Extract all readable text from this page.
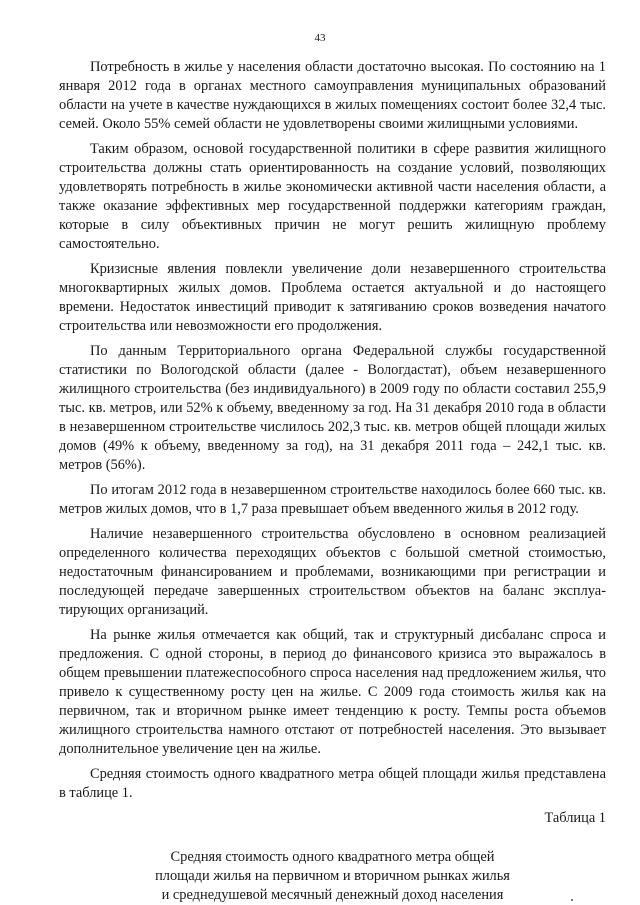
43

Потребность в жилье у населения области достаточно высокая. По состоянию на 1 января 2012 года в органах местного самоуправления муниципальных образований области на учете в качестве нуждающихся в жилых помещениях состоит более 32,4 тыс. семей. Около 55% семей области не удовлетворены своими жилищными условиями.

Таким образом, основой государственной политики в сфере развития жилищного строительства должны стать ориентированность на создание условий, позволяющих удовлетворять потребность в жилье экономически активной части населения области, а также оказание эффективных мер государственной поддержки категориям граждан, которые в силу объективных причин не могут решить жилищную проблему самостоятельно.

Кризисные явления повлекли увеличение доли незавершенного строительства многоквартирных жилых домов. Проблема остается актуальной и до настоящего времени. Недостаток инвестиций приводит к затягиванию сроков возведения начатого строительства или невозможности его продолжения.

По данным Территориального органа Федеральной службы государственной статистики по Вологодской области (далее - Вологдастат), объем незавершенного жилищного строительства (без индивидуального) в 2009 году по области составил 255,9 тыс. кв. метров, или 52% к объему, введенному за год. На 31 декабря 2010 года в области в незавершенном строительстве числилось 202,3 тыс. кв. метров общей площади жилых домов (49% к объему, введенному за год), на 31 декабря 2011 года – 242,1 тыс. кв. метров (56%).

По итогам 2012 года в незавершенном строительстве находилось более 660 тыс. кв. метров жилых домов, что в 1,7 раза превышает объем введенного жилья в 2012 году.

Наличие незавершенного строительства обусловлено в основном реализацией определенного количества переходящих объектов с большой сметной стоимостью, недостаточным финансированием и проблемами, возникающими при регистрации и последующей передаче завершенных строительством объектов на баланс эксплуатирующих организаций.

На рынке жилья отмечается как общий, так и структурный дисбаланс спроса и предложения. С одной стороны, в период до финансового кризиса это выражалось в общем превышении платежеспособного спроса населения над предложением жилья, что привело к существенному росту цен на жилье. С 2009 года стоимость жилья как на первичном, так и вторичном рынке имеет тенденцию к росту. Темпы роста объемов жилищного строительства намного отстают от потребностей населения. Это вызывает дополнительное увеличение цен на жилье.

Средняя стоимость одного квадратного метра общей площади жилья представлена в таблице 1.

Таблица 1

Средняя стоимость одного квадратного метра общей
площади жилья на первичном и вторичном рынках жилья
и среднедушевой месячный денежный доход населения
